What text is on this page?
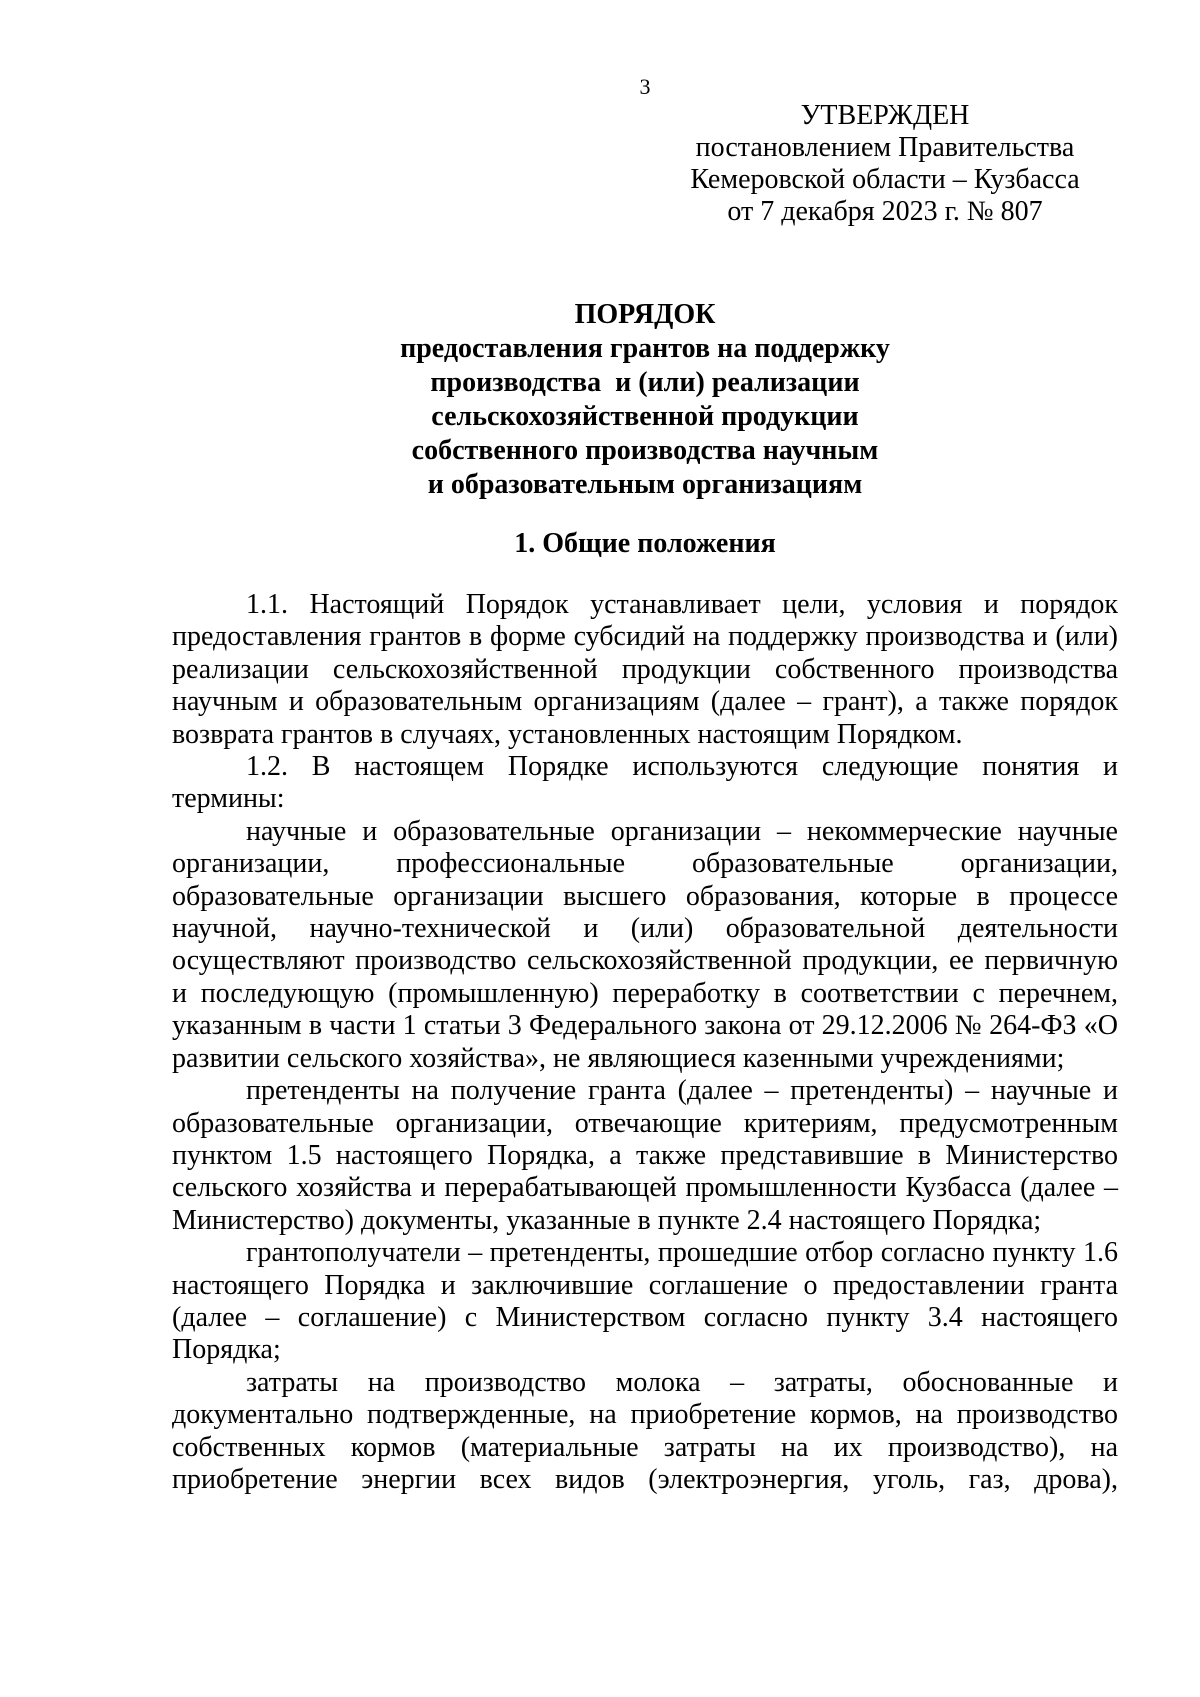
3
УТВЕРЖДЕН
постановлением Правительства
Кемеровской области – Кузбасса
от 7 декабря 2023 г. № 807
ПОРЯДОК
предоставления грантов на поддержку
производства  и (или) реализации
сельскохозяйственной продукции
собственного производства научным
и образовательным организациям
1. Общие положения

1.1. Настоящий Порядок устанавливает цели, условия и порядок предоставления грантов в форме субсидий на поддержку производства и (или) реализации сельскохозяйственной продукции собственного производства научным и образовательным организациям (далее – грант), а также порядок возврата грантов в случаях, установленных настоящим Порядком.

1.2. В настоящем Порядке используются следующие понятия и термины:

научные и образовательные организации – некоммерческие научные организации, профессиональные образовательные организации, образовательные организации высшего образования, которые в процессе научной, научно-технической и (или) образовательной деятельности осуществляют производство сельскохозяйственной продукции, ее первичную и последующую (промышленную) переработку в соответствии с перечнем, указанным в части 1 статьи 3 Федерального закона от 29.12.2006 № 264-ФЗ «О развитии сельского хозяйства», не являющиеся казенными учреждениями;

претенденты на получение гранта (далее – претенденты) – научные и образовательные организации, отвечающие критериям, предусмотренным пунктом 1.5 настоящего Порядка, а также представившие в Министерство сельского хозяйства и перерабатывающей промышленности Кузбасса (далее – Министерство) документы, указанные в пункте 2.4 настоящего Порядка;

грантополучатели – претенденты, прошедшие отбор согласно пункту 1.6 настоящего Порядка и заключившие соглашение о предоставлении гранта (далее – соглашение) с Министерством согласно пункту 3.4 настоящего Порядка;

затраты на производство молока – затраты, обоснованные и документально подтвержденные, на приобретение кормов, на производство собственных кормов (материальные затраты на их производство), на приобретение энергии всех видов (электроэнергия, уголь, газ, дрова),
